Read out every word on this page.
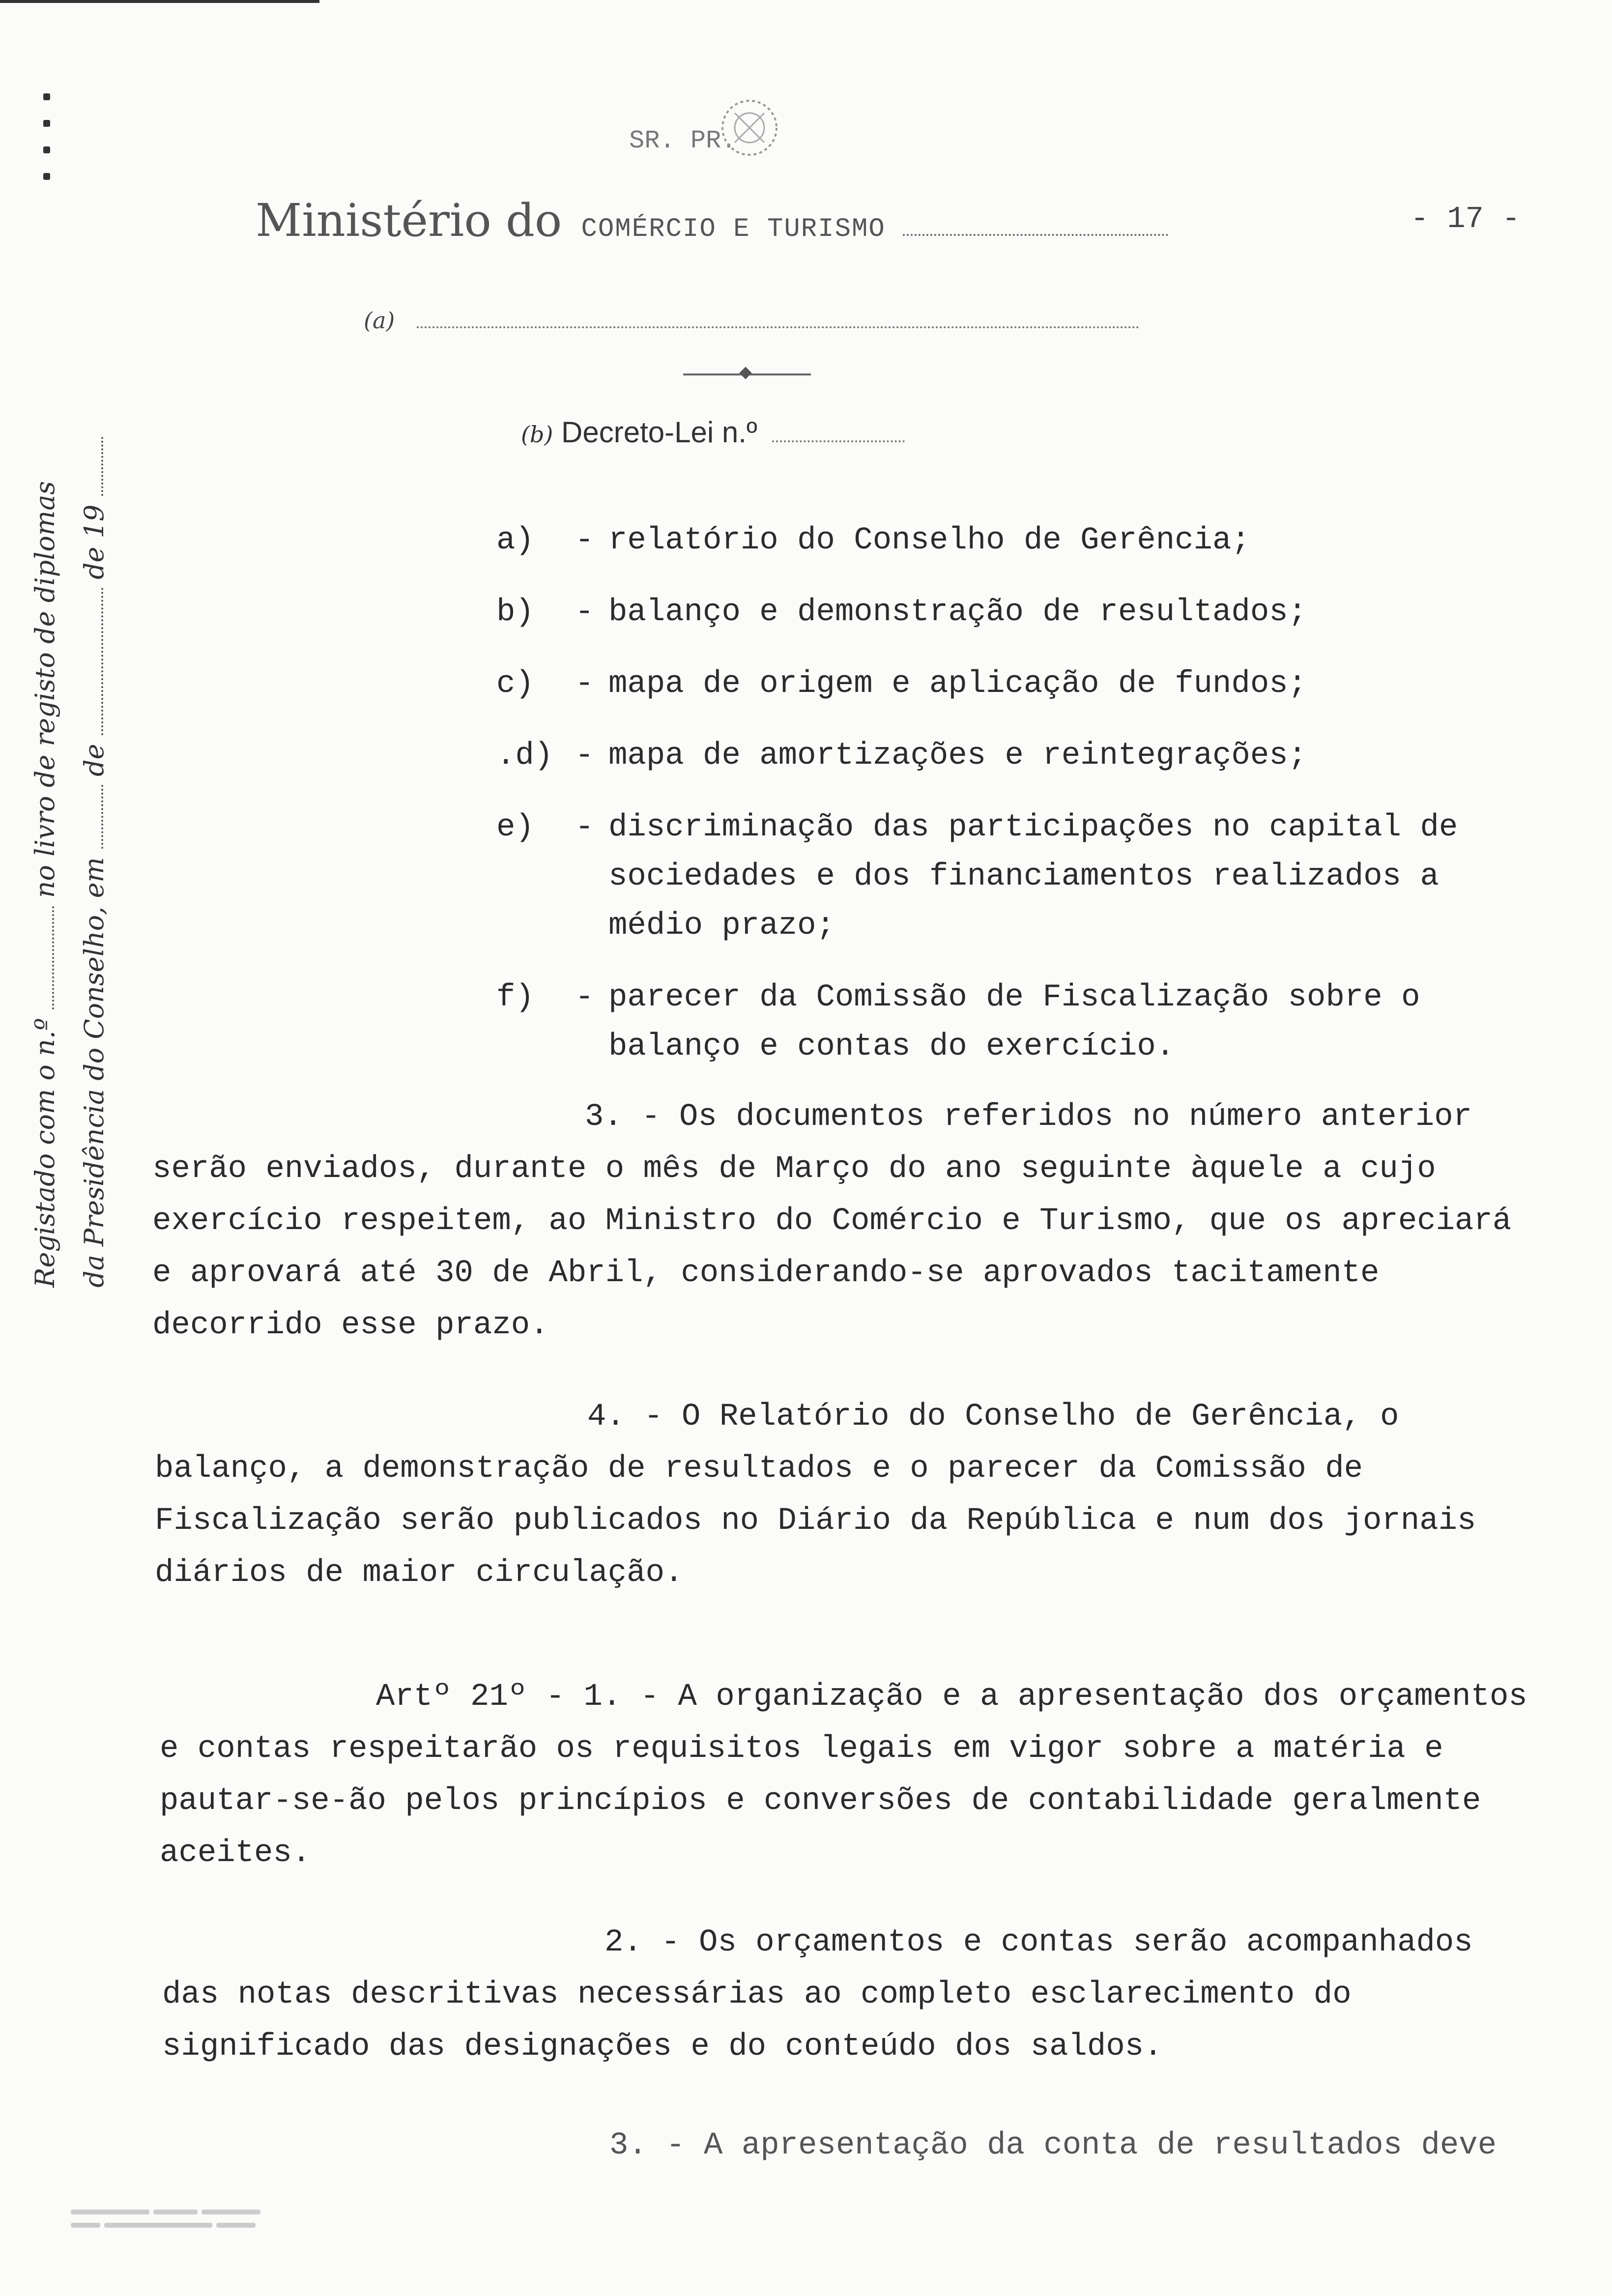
SR. PR.
Ministério do COMÉRCIO E TURISMO	- 17 -
(a)
(b) Decreto-Lei n.º
Registado com o n.º  no livro de registo de diplomas
da Presidência do Conselho, em  de  de 19	a)	- relatório do Conselho de Gerência;
b)	- balanço e demonstração de resultados;
c)	- mapa de origem e aplicação de fundos;
.d) - mapa de amortizações e reintegrações;
e)	- discriminação das participações no capital de sociedades e dos financiamentos realizados a médio prazo;
f)	- parecer da Comissão de Fiscalização sobre o balanço e contas do exercício.
3. - Os documentos referidos no número anterior serão enviados, durante o mês de Março do ano seguinte àquele a cujo exercício respeitem, ao Ministro do Comércio e Turismo, que os apreciará e aprovará até 30 de Abril, considerando-se aprovados tacitamente decorrido esse prazo.
4. - O Relatório do Conselho de Gerência, o balanço, a demonstração de resultados e o parecer da Comissão de Fiscalização serão publicados no Diário da República e num dos jornais diários de maior circulação.
Artº 21º - 1. - A organização e a apresentação dos orçamentos e contas respeitarão os requisitos legais em vigor sobre a matéria e pautar-se-ão pelos princípios e conversões de contabilidade geralmente aceites.
2. - Os orçamentos e contas serão acompanhados das notas descritivas necessárias ao completo esclarecimento do significado das designações e do conteúdo dos saldos.
3. - A apresentação da conta de resultados deve
